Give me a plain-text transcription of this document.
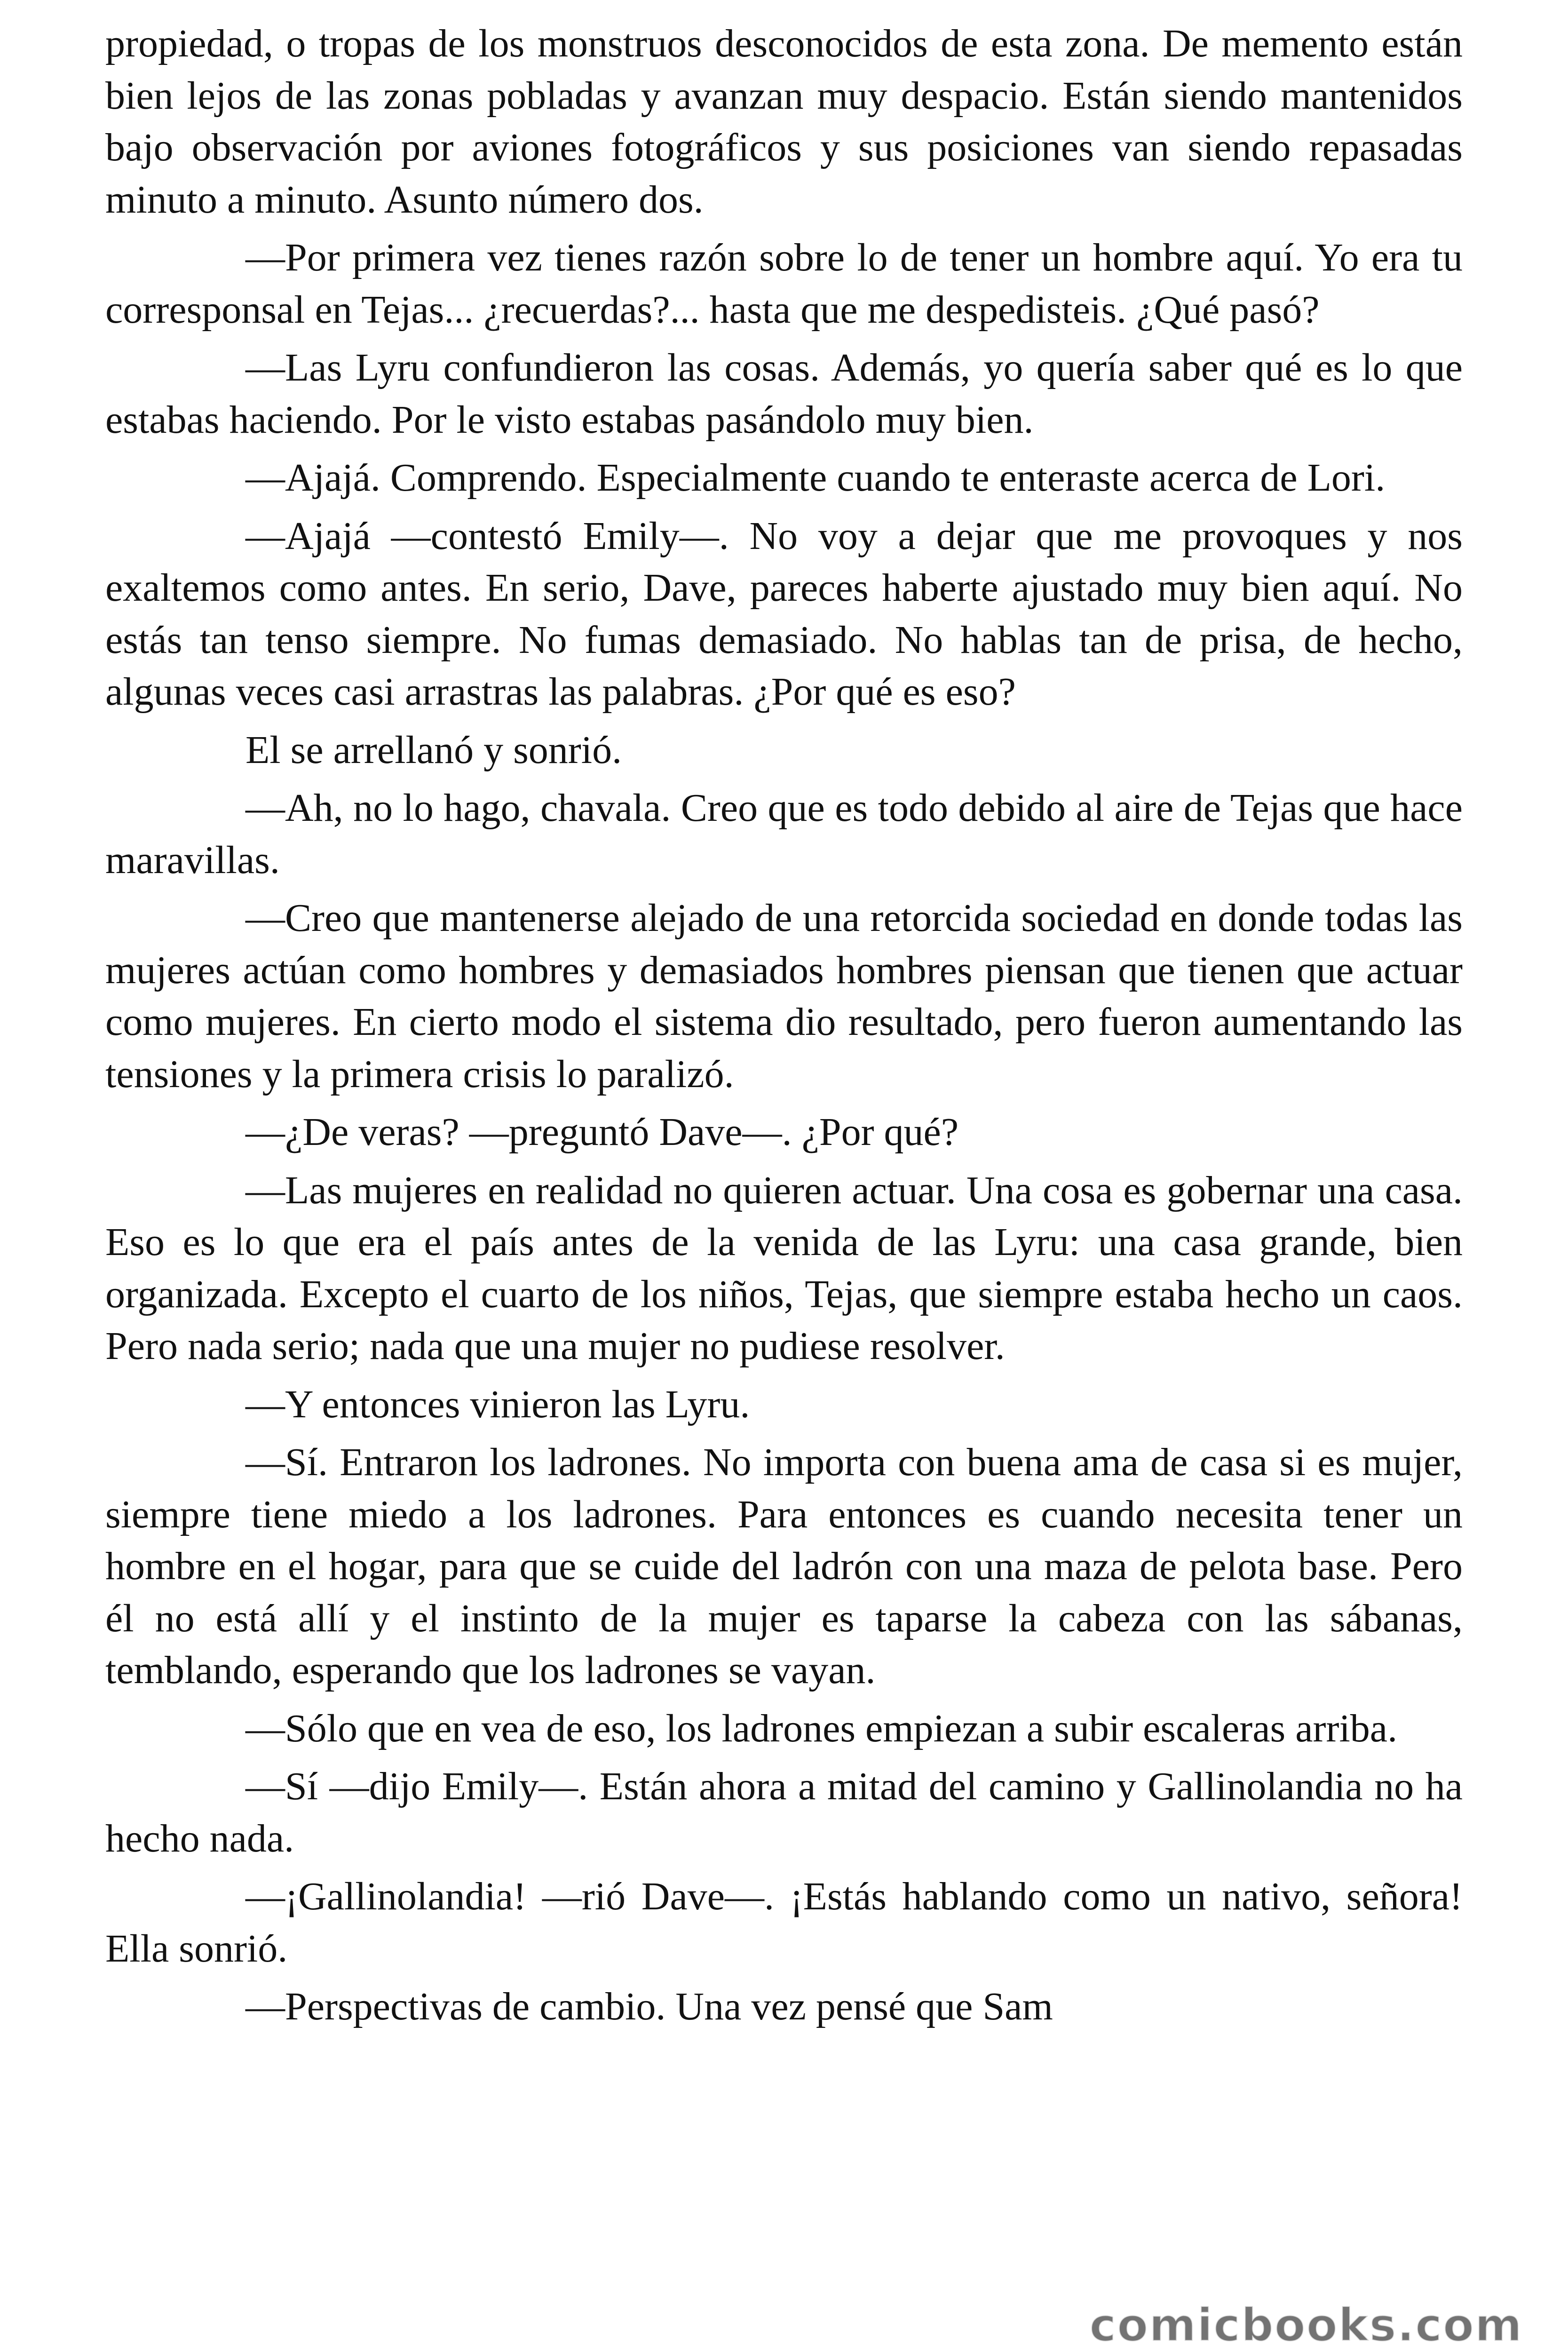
propiedad, o tropas de los monstruos desconocidos de esta zona. De memento están bien lejos de las zonas pobladas y avanzan muy despacio. Están siendo mantenidos bajo observación por aviones fotográficos y sus posiciones van siendo repasadas minuto a minuto. Asunto número dos.

—Por primera vez tienes razón sobre lo de tener un hombre aquí. Yo era tu corresponsal en Tejas... ¿recuerdas?... hasta que me despedisteis. ¿Qué pasó?

—Las Lyru confundieron las cosas. Además, yo quería saber qué es lo que estabas haciendo. Por le visto estabas pasándolo muy bien.

—Ajajá. Comprendo. Especialmente cuando te enteraste acerca de Lori.

—Ajajá —contestó Emily—. No voy a dejar que me provoques y nos exaltemos como antes. En serio, Dave, pareces haberte ajustado muy bien aquí. No estás tan tenso siempre. No fumas demasiado. No hablas tan de prisa, de hecho, algunas veces casi arrastras las palabras. ¿Por qué es eso?

El se arrellanó y sonrió.

—Ah, no lo hago, chavala. Creo que es todo debido al aire de Tejas que hace maravillas.

—Creo que mantenerse alejado de una retorcida sociedad en donde todas las mujeres actúan como hombres y demasiados hombres piensan que tienen que actuar como mujeres. En cierto modo el sistema dio resultado, pero fueron aumentando las tensiones y la primera crisis lo paralizó.

—¿De veras? —preguntó Dave—. ¿Por qué?

—Las mujeres en realidad no quieren actuar. Una cosa es gobernar una casa. Eso es lo que era el país antes de la venida de las Lyru: una casa grande, bien organizada. Excepto el cuarto de los niños, Tejas, que siempre estaba hecho un caos. Pero nada serio; nada que una mujer no pudiese resolver.

—Y entonces vinieron las Lyru.

—Sí. Entraron los ladrones. No importa con buena ama de casa si es mujer, siempre tiene miedo a los ladrones. Para entonces es cuando necesita tener un hombre en el hogar, para que se cuide del ladrón con una maza de pelota base. Pero él no está allí y el instinto de la mujer es taparse la cabeza con las sábanas, temblando, esperando que los ladrones se vayan.

—Sólo que en vea de eso, los ladrones empiezan a subir escaleras arriba.

—Sí —dijo Emily—. Están ahora a mitad del camino y Gallinolandia no ha hecho nada.

—¡Gallinolandia! —rió Dave—. ¡Estás hablando como un nativo, señora! Ella sonrió.

—Perspectivas de cambio. Una vez pensé que Sam

comicbooks.com
